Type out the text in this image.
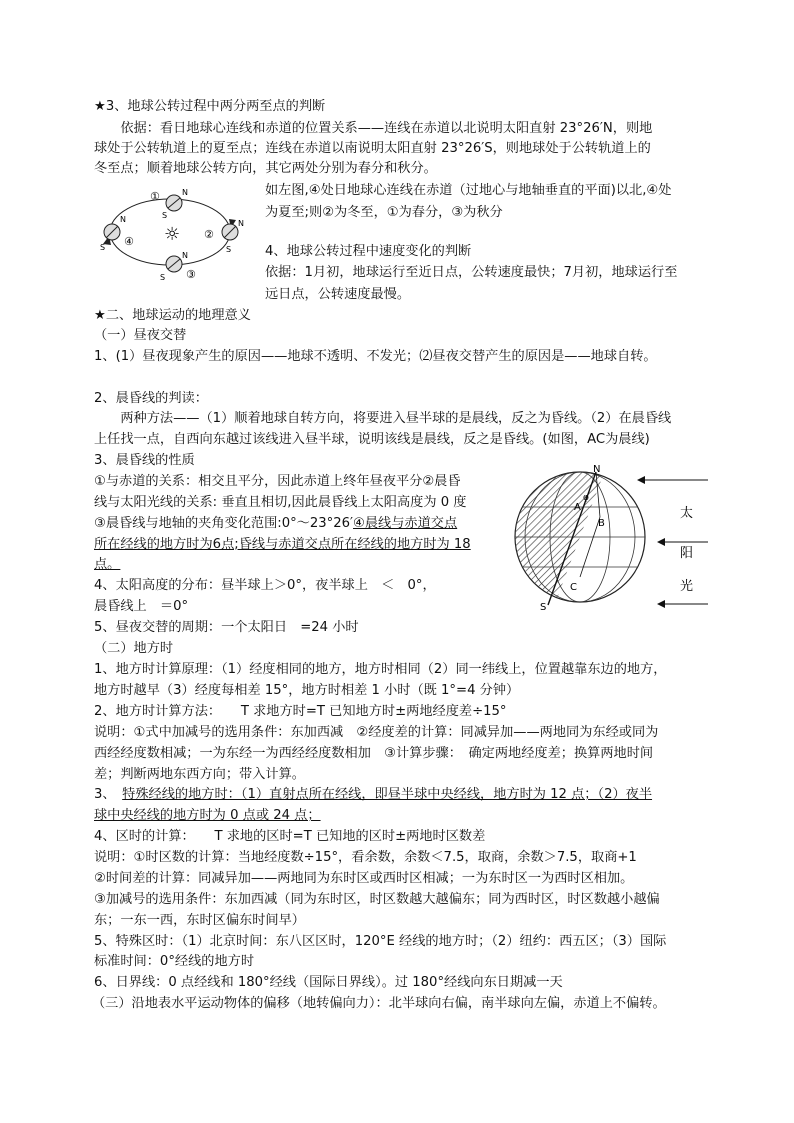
★3、地球公转过程中两分两至点的判断
　　依据：看日地球心连线和赤道的位置关系——连线在赤道以北说明太阳直射 23°26′N，则地
球处于公转轨道上的夏至点；连线在赤道以南说明太阳直射 23°26′S，则地球处于公转轨道上的
冬至点；顺着地球公转方向，其它两处分别为春分和秋分。
N
S
①
N
S ④ ☼
N
S
②
N
S ③
如左图,④处日地球心连线在赤道（过地心与地轴垂直的平面)以北,④处
为夏至;则②为冬至，①为春分，③为秋分
4、地球公转过程中速度变化的判断
依据：1月初，地球运行至近日点，公转速度最快；7月初，地球运行至
远日点，公转速度最慢。
★二、地球运动的地理意义
（一）昼夜交替
1、(1）昼夜现象产生的原因——地球不透明、不发光；⑵昼夜交替产生的原因是——地球自转。
2、晨昏线的判读：
　　两种方法——（1）顺着地球自转方向，将要进入昼半球的是晨线，反之为昏线。（2）在晨昏线
上任找一点，自西向东越过该线进入昼半球，说明该线是晨线，反之是昏线。(如图，AC为晨线)
3、晨昏线的性质
①与赤道的关系：相交且平分，因此赤道上终年昼夜平分②晨昏
线与太阳光线的关系: 垂直且相切,因此晨昏线上太阳高度为 0 度
③晨昏线与地轴的夹角变化范围:0°～23°26′④晨线与赤道交点
所在经线的地方时为6点;昏线与赤道交点所在经线的地方时为 18
点。
4、太阳高度的分布：昼半球上＞0°，夜半球上　＜　0°，
晨昏线上　＝0°
5、昼夜交替的周期：一个太阳日　=24 小时
N
S
A
B
C
φ
太
阳
光
（二）地方时
1、地方时计算原理：（1）经度相同的地方，地方时相同（2）同一纬线上，位置越靠东边的地方，
地方时越早（3）经度每相差 15°，地方时相差 1 小时（既 1°=4 分钟）
2、地方时计算方法：　　T 求地方时=T 已知地方时±两地经度差÷15°
说明：①式中加减号的选用条件：东加西减　②经度差的计算：同减异加——两地同为东经或同为
西经经度数相减；一为东经一为西经经度数相加　③计算步骤：　确定两地经度差；换算两地时间
差；判断两地东西方向；带入计算。
3、　特殊经线的地方时：（1）直射点所在经线，即昼半球中央经线，地方时为 12 点；（2）夜半
球中央经线的地方时为 0 点或 24 点；
4、区时的计算：　　T 求地的区时=T 已知地的区时±两地时区数差
说明：①时区数的计算：当地经度数÷15°，看余数，余数＜7.5，取商，余数＞7.5，取商+1
②时间差的计算：同减异加——两地同为东时区或西时区相减；一为东时区一为西时区相加。
③加减号的选用条件：东加西减（同为东时区，时区数越大越偏东；同为西时区，时区数越小越偏
东；一东一西，东时区偏东时间早）
5、特殊区时：（1）北京时间：东八区区时，120°E 经线的地方时；（2）纽约：西五区；（3）国际
标准时间：0°经线的地方时
6、日界线：0 点经线和 180°经线（国际日界线）。过 180°经线向东日期减一天
（三）沿地表水平运动物体的偏移（地转偏向力）：北半球向右偏，南半球向左偏，赤道上不偏转。
